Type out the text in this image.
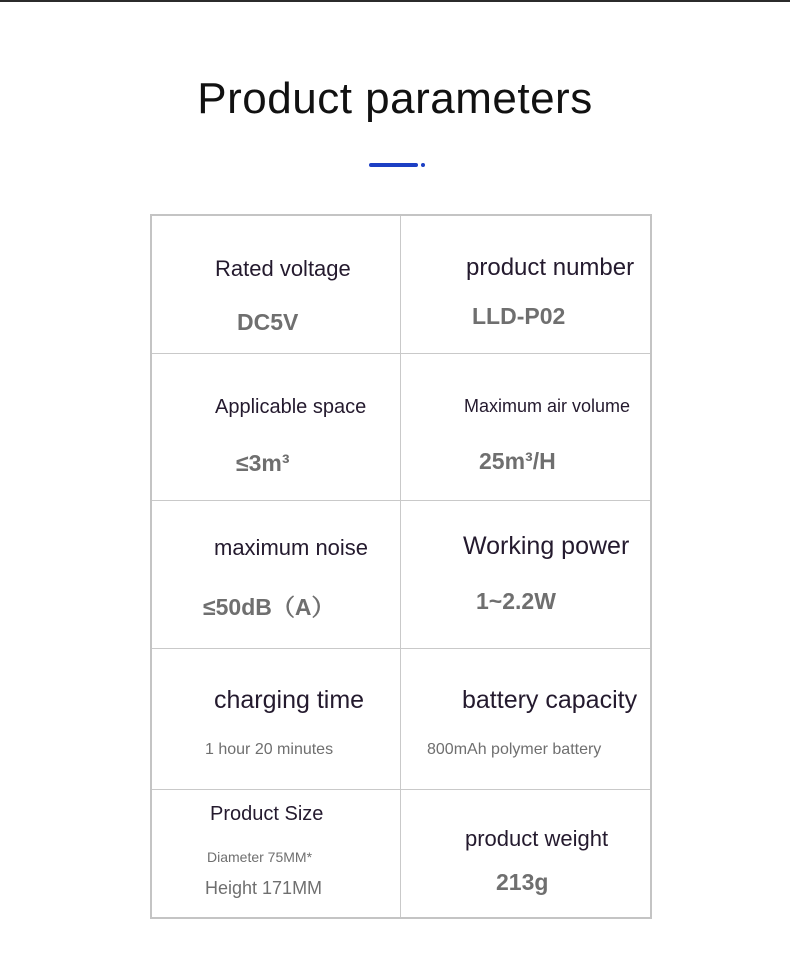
Product parameters
Rated voltage
DC5V
product number
LLD-P02
Applicable space
≤3m³
Maximum air volume
25m³/H
maximum noise
≤50dB（A）
Working power
1~2.2W
charging time
1 hour 20 minutes
battery capacity
800mAh polymer battery
Product Size
Diameter 75MM*
Height 171MM
product weight
213g
